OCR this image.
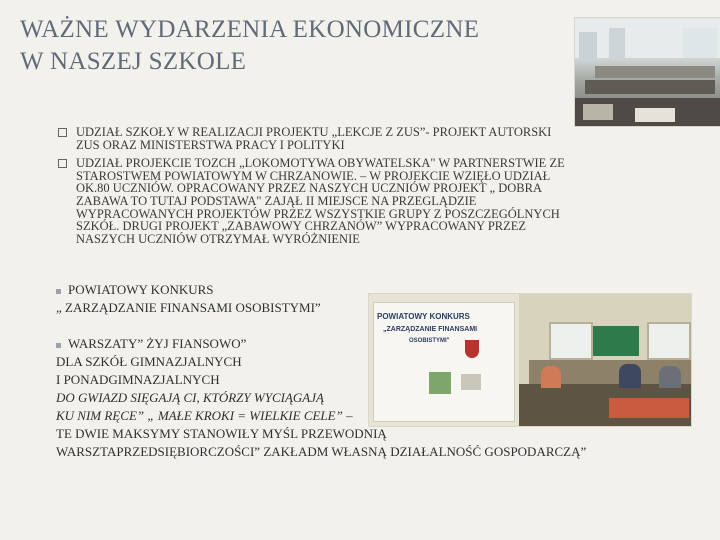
WAŻNE WYDARZENIA EKONOMICZNE
W NASZEJ SZKOLE
UDZIAŁ SZKOŁY W REALIZACJI PROJEKTU „LEKCJE Z ZUS”- PROJEKT AUTORSKI
ZUS ORAZ MINISTERSTWA PRACY I POLITYKI
UDZIAŁ PROJEKCIE TOZCH „LOKOMOTYWA OBYWATELSKA" W PARTNERSTWIE ZE
STAROSTWEM POWIATOWYM W CHRZANOWIE. – W PROJEKCIE WZIĘŁO UDZIAŁ
OK.80 UCZNIÓW. OPRACOWANY PRZEZ NASZYCH UCZNIÓW PROJEKT „ DOBRA
ZABAWA TO TUTAJ PODSTAWA" ZAJĄŁ II MIEJSCE NA PRZEGLĄDZIE
WYPRACOWANYCH PROJEKTÓW PRZEZ WSZYSTKIE GRUPY Z POSZCZEGÓLNYCH
SZKÓŁ. DRUGI PROJEKT „ZABAWOWY CHRZANÓW” WYPRACOWANY PRZEZ
NASZYCH UCZNIÓW OTRZYMAŁ WYRÓŻNIENIE
POWIATOWY KONKURS
„ ZARZĄDZANIE FINANSAMI OSOBISTYMI”
POWIATOWY KONKURS
„ZARZĄDZANIE FINANSAMI
OSOBISTYMI"
WARSZATY” ŻYJ FIANSOWO”
DLA SZKÓŁ GIMNAZJALNYCH
I PONADGIMNAZJALNYCH
DO GWIAZD SIĘGAJĄ CI, KTÓRZY WYCIĄGAJĄ
KU NIM RĘCE” „ MAŁE KROKI = WIELKIE CELE” –
TE DWIE MAKSYMY STANOWIŁY MYŚL PRZEWODNIĄ
WARSZTAPRZEDSIĘBIORCZOŚCI” ZAKŁADM WŁASNĄ DZIAŁALNOŚĆ GOSPODARCZĄ”
